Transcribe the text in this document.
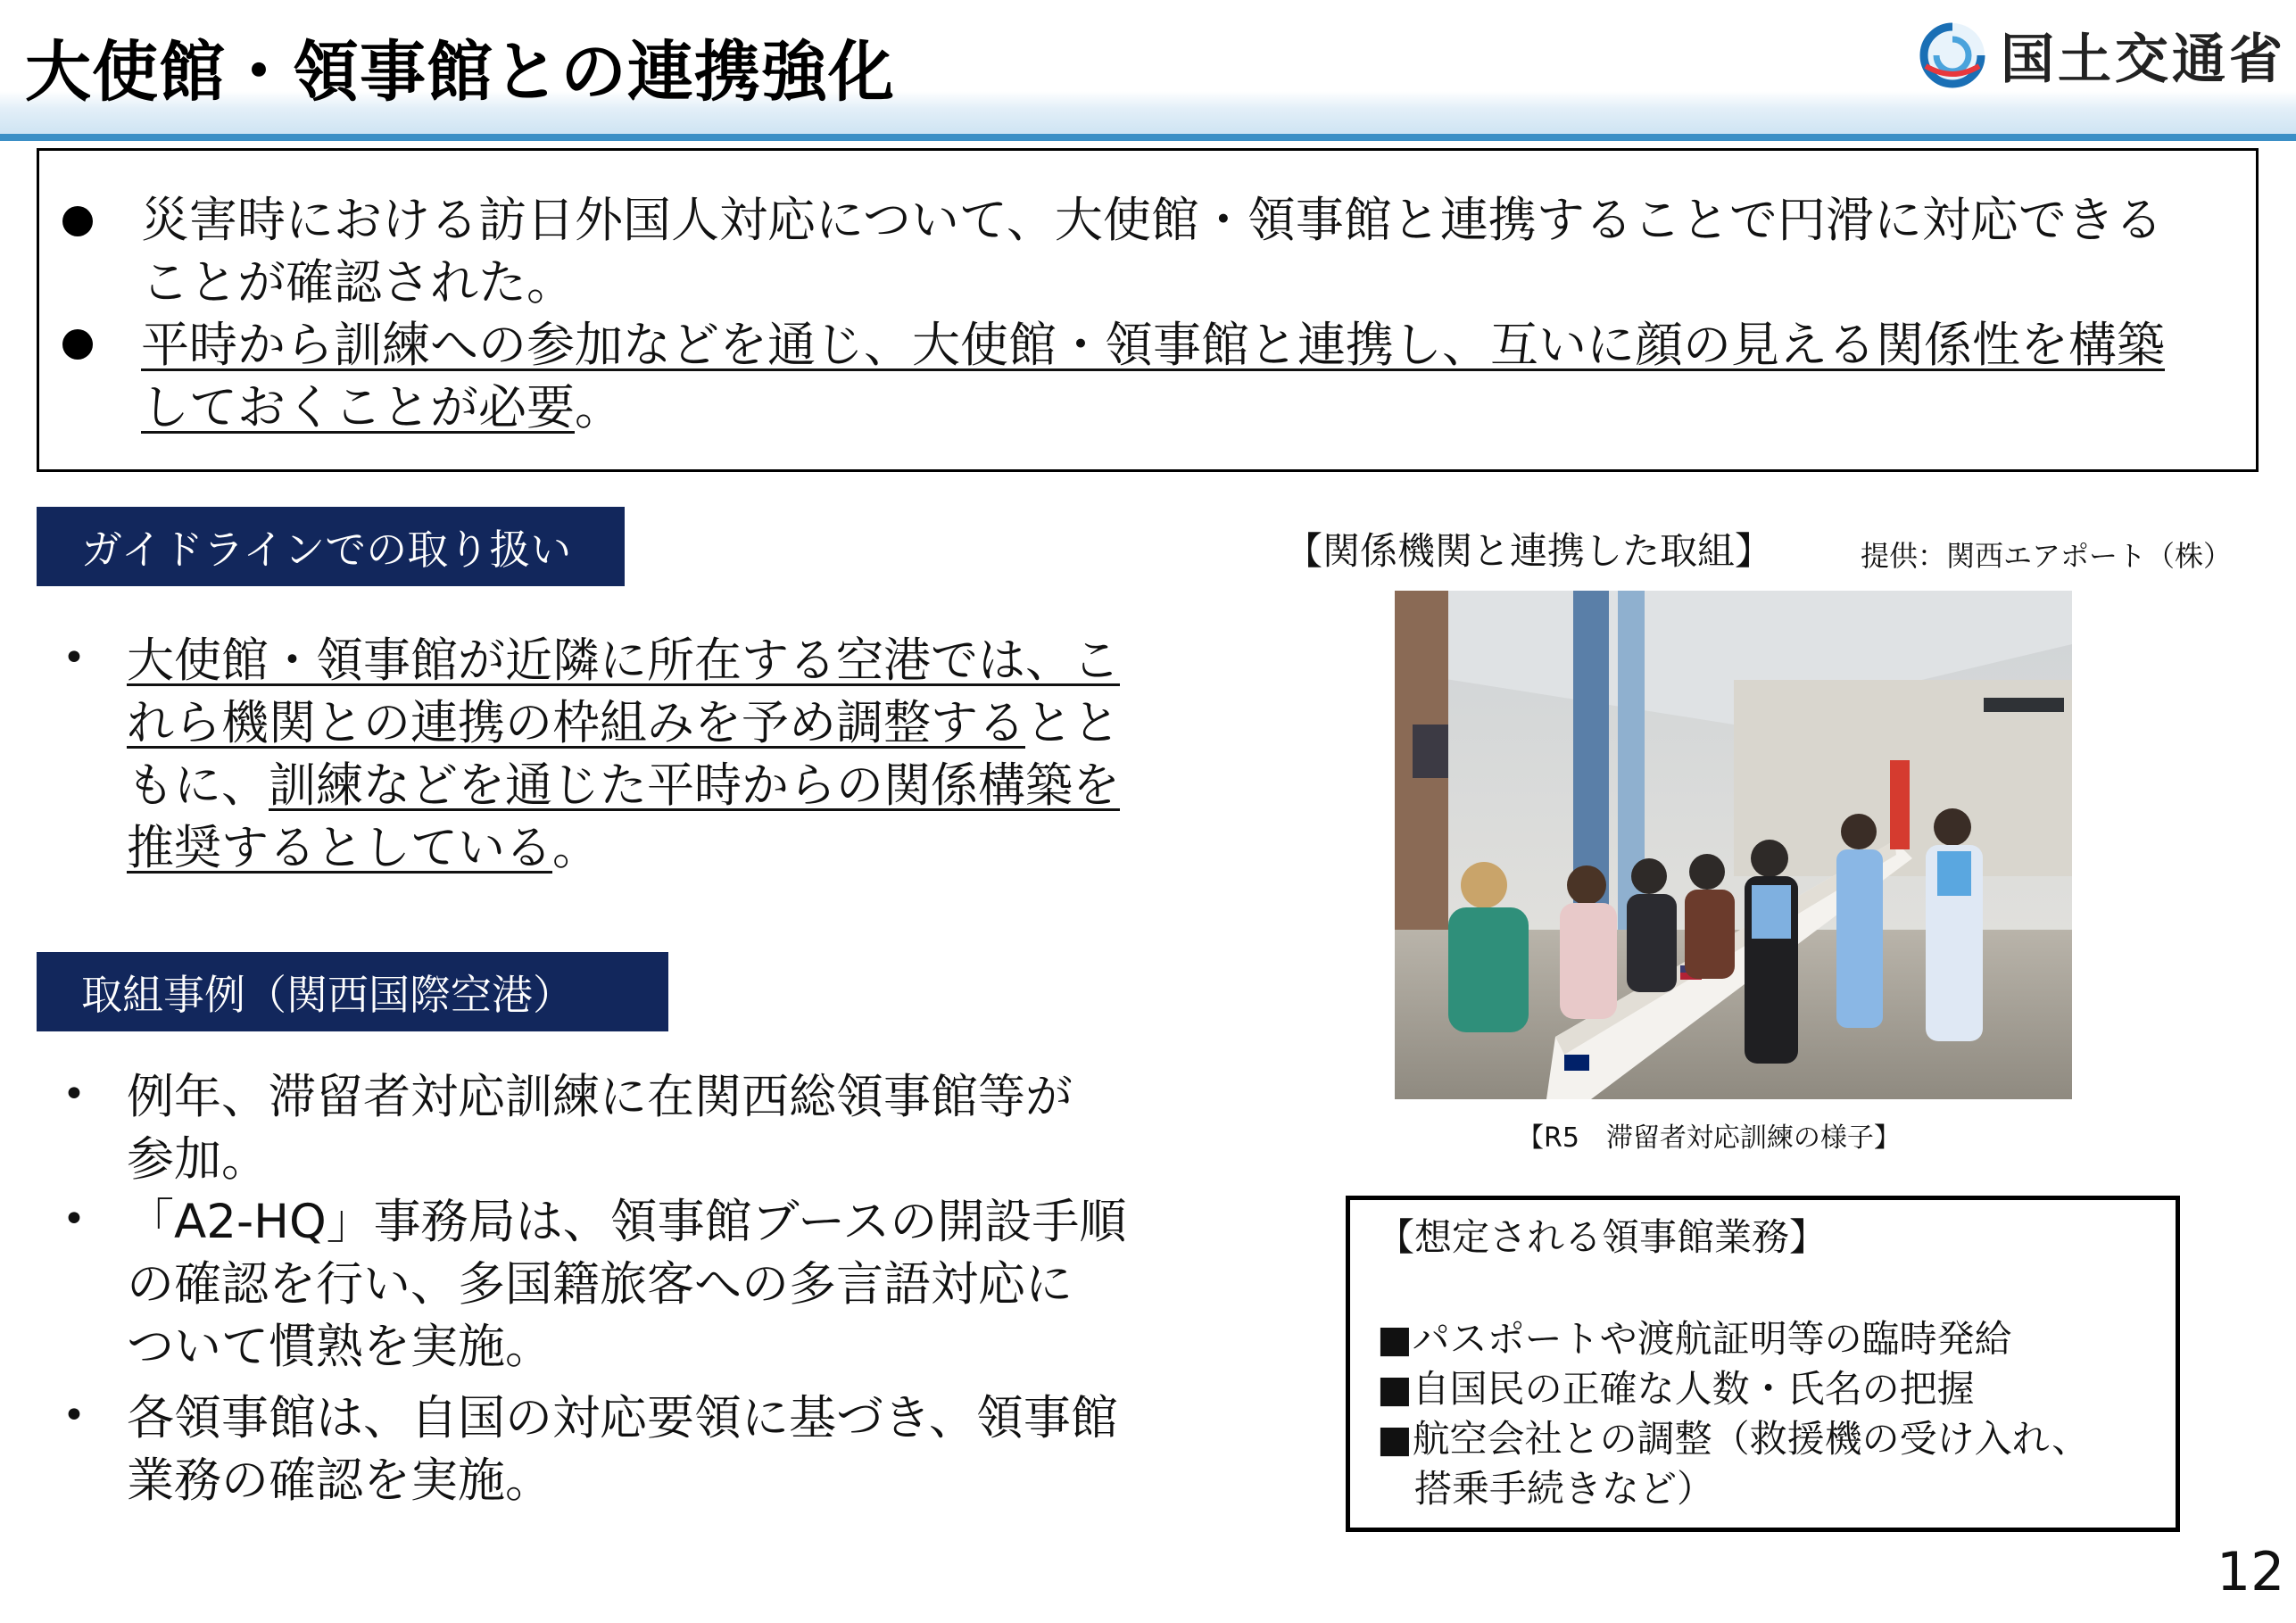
大使館・領事館との連携強化	国土交通省
災害時における訪日外国人対応について、大使館・領事館と連携することで円滑に対応できる
ことが確認された。
平時から訓練への参加などを通じ、大使館・領事館と連携し、互いに顔の見える関係性を構築
しておくことが必要。
ガイドラインでの取り扱い
• 大使館・領事館が近隣に所在する空港では、こ
れら機関との連携の枠組みを予め調整するとと
もに、訓練などを通じた平時からの関係構築を
推奨するとしている。
取組事例（関西国際空港）
• 例年、滞留者対応訓練に在関西総領事館等が
参加。
• 「A2-HQ」事務局は、領事館ブースの開設手順
の確認を行い、多国籍旅客への多言語対応に
ついて慣熟を実施。
• 各領事館は、自国の対応要領に基づき、領事館
業務の確認を実施。
【関係機関と連携した取組】	提供：関西エアポート（株）
【R5　滞留者対応訓練の様子】
【想定される領事館業務】
■パスポートや渡航証明等の臨時発給
■自国民の正確な人数・氏名の把握
■航空会社との調整（救援機の受け入れ、
　搭乗手続きなど）
12
